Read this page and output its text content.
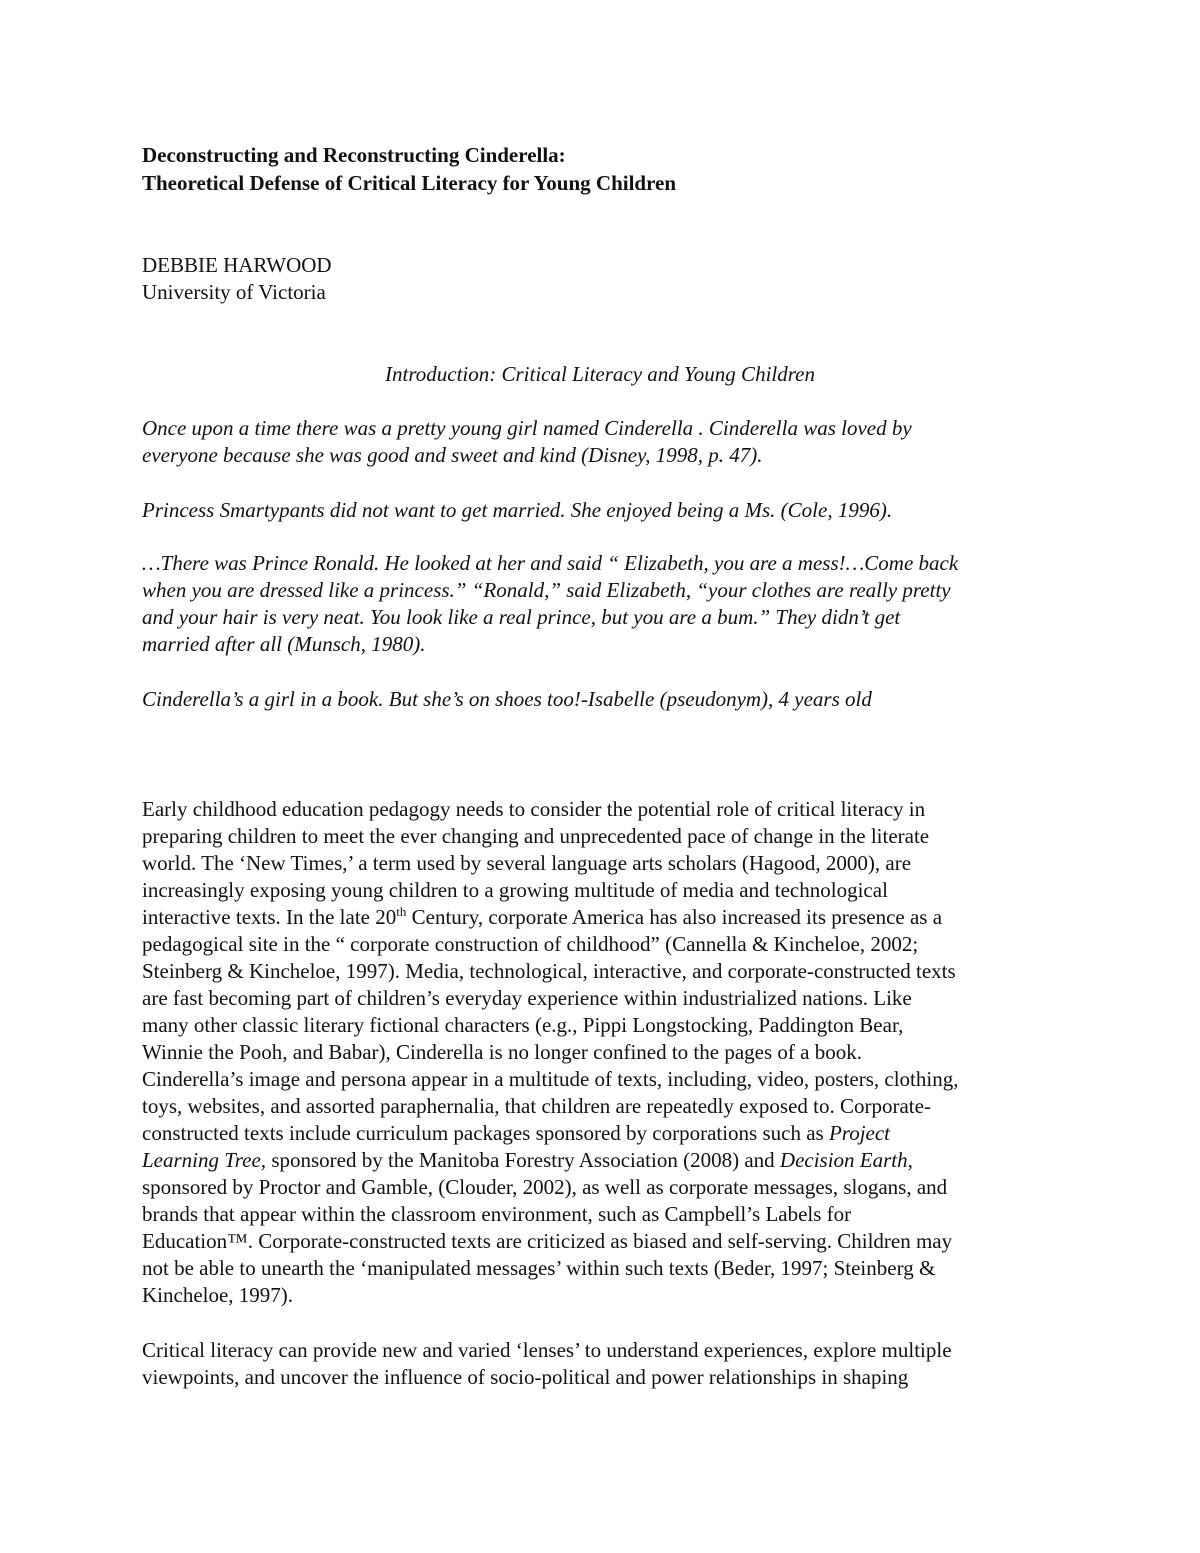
Deconstructing and Reconstructing Cinderella:
Theoretical Defense of Critical Literacy for Young Children
DEBBIE HARWOOD
University of Victoria
Introduction: Critical Literacy and Young Children
Once upon a time there was a pretty young girl named Cinderella . Cinderella was loved by
everyone because she was good and sweet and kind (Disney, 1998, p. 47).
Princess Smartypants did not want to get married. She enjoyed being a Ms. (Cole, 1996).
…There was Prince Ronald. He looked at her and said “ Elizabeth, you are a mess!…Come back
when you are dressed like a princess.” “Ronald,” said Elizabeth, “your clothes are really pretty
and your hair is very neat. You look like a real prince, but you are a bum.” They didn’t get
married after all (Munsch, 1980).
Cinderella’s a girl in a book. But she’s on shoes too!-Isabelle (pseudonym), 4 years old
Early childhood education pedagogy needs to consider the potential role of critical literacy in
preparing children to meet the ever changing and unprecedented pace of change in the literate
world. The ‘New Times,’ a term used by several language arts scholars (Hagood, 2000), are
increasingly exposing young children to a growing multitude of media and technological
interactive texts. In the late 20th Century, corporate America has also increased its presence as a
pedagogical site in the “ corporate construction of childhood” (Cannella & Kincheloe, 2002;
Steinberg & Kincheloe, 1997). Media, technological, interactive, and corporate-constructed texts
are fast becoming part of children’s everyday experience within industrialized nations. Like
many other classic literary fictional characters (e.g., Pippi Longstocking, Paddington Bear,
Winnie the Pooh, and Babar), Cinderella is no longer confined to the pages of a book.
Cinderella’s image and persona appear in a multitude of texts, including, video, posters, clothing,
toys, websites, and assorted paraphernalia, that children are repeatedly exposed to. Corporate-
constructed texts include curriculum packages sponsored by corporations such as Project
Learning Tree, sponsored by the Manitoba Forestry Association (2008) and Decision Earth,
sponsored by Proctor and Gamble, (Clouder, 2002), as well as corporate messages, slogans, and
brands that appear within the classroom environment, such as Campbell’s Labels for
Education™. Corporate-constructed texts are criticized as biased and self-serving. Children may
not be able to unearth the ‘manipulated messages’ within such texts (Beder, 1997; Steinberg &
Kincheloe, 1997).
Critical literacy can provide new and varied ‘lenses’ to understand experiences, explore multiple
viewpoints, and uncover the influence of socio-political and power relationships in shaping
